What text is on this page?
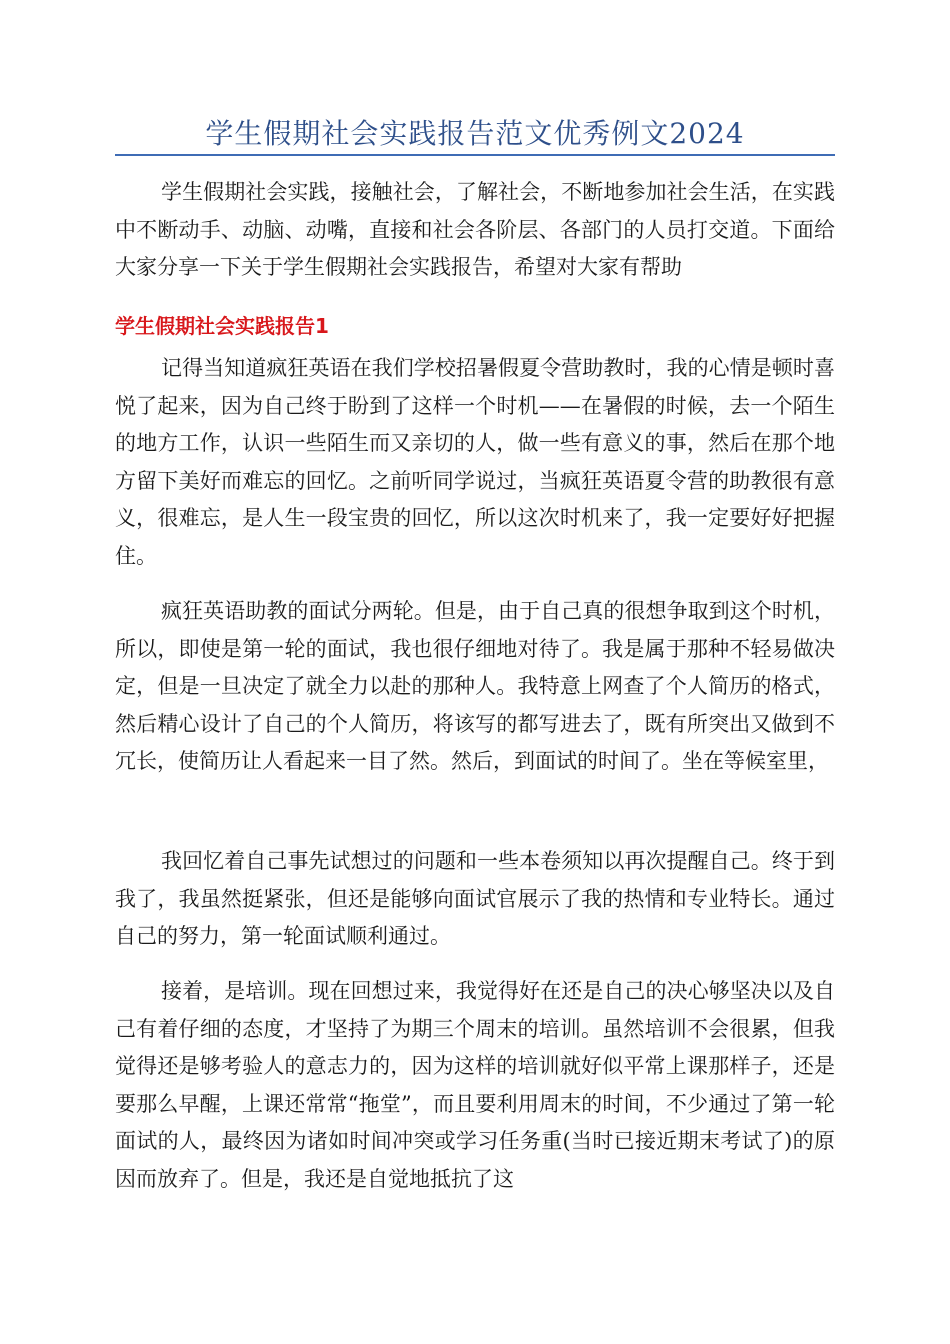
学生假期社会实践报告范文优秀例文2024

学生假期社会实践，接触社会，了解社会，不断地参加社会生活，在实践中不断动手、动脑、动嘴，直接和社会各阶层、各部门的人员打交道。下面给大家分享一下关于学生假期社会实践报告，希望对大家有帮助

学生假期社会实践报告1

记得当知道疯狂英语在我们学校招暑假夏令营助教时，我的心情是顿时喜悦了起来，因为自己终于盼到了这样一个时机——在暑假的时候，去一个陌生的地方工作，认识一些陌生而又亲切的人，做一些有意义的事，然后在那个地方留下美好而难忘的回忆。之前听同学说过，当疯狂英语夏令营的助教很有意义，很难忘，是人生一段宝贵的回忆，所以这次时机来了，我一定要好好把握住。

疯狂英语助教的面试分两轮。但是，由于自己真的很想争取到这个时机，所以，即使是第一轮的面试，我也很仔细地对待了。我是属于那种不轻易做决定，但是一旦决定了就全力以赴的那种人。我特意上网查了个人简历的格式，然后精心设计了自己的个人简历，将该写的都写进去了，既有所突出又做到不冗长，使简历让人看起来一目了然。然后，到面试的时间了。坐在等候室里，

我回忆着自己事先试想过的问题和一些本卷须知以再次提醒自己。终于到我了，我虽然挺紧张，但还是能够向面试官展示了我的热情和专业特长。通过自己的努力，第一轮面试顺利通过。

接着，是培训。现在回想过来，我觉得好在还是自己的决心够坚决以及自己有着仔细的态度，才坚持了为期三个周末的培训。虽然培训不会很累，但我觉得还是够考验人的意志力的，因为这样的培训就好似平常上课那样子，还是要那么早醒，上课还常常“拖堂”，而且要利用周末的时间，不少通过了第一轮面试的人，最终因为诸如时间冲突或学习任务重(当时已接近期末考试了)的原因而放弃了。但是，我还是自觉地抵抗了这
